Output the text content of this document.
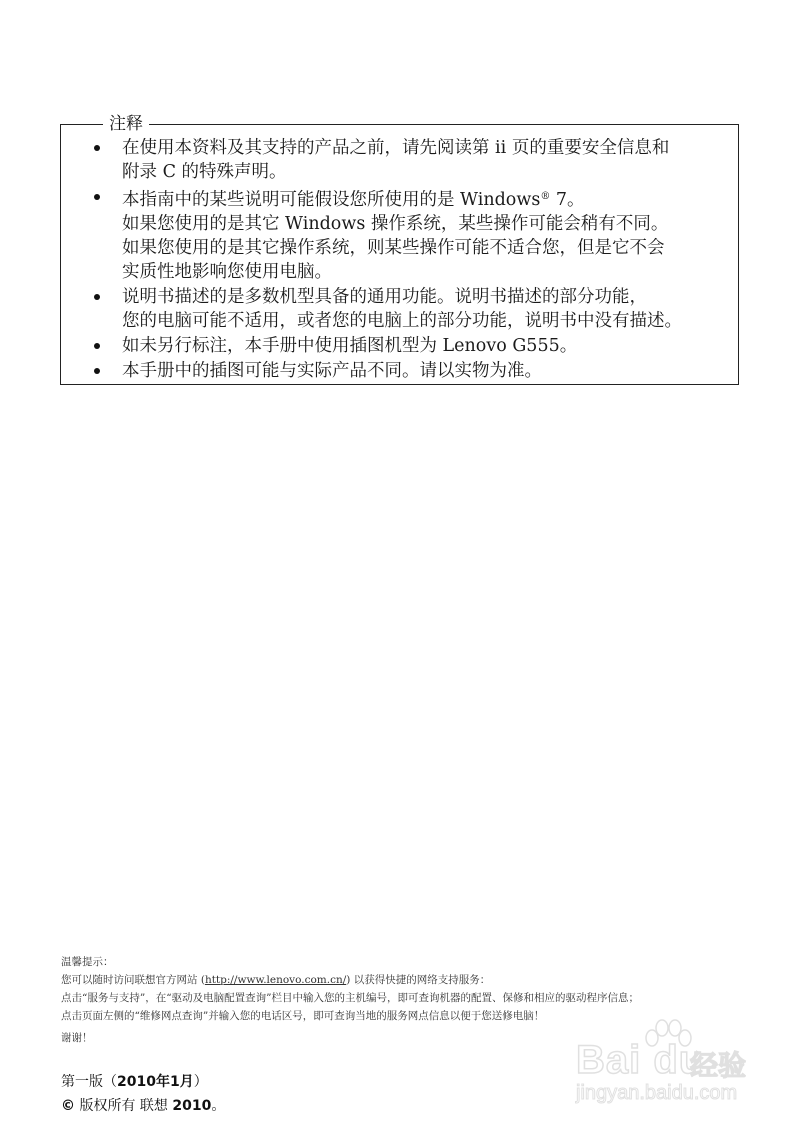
注释
在使用本资料及其支持的产品之前，请先阅读第 ii 页的重要安全信息和
附录 C 的特殊声明。
本指南中的某些说明可能假设您所使用的是 Windows® 7。
如果您使用的是其它 Windows 操作系统，某些操作可能会稍有不同。
如果您使用的是其它操作系统，则某些操作可能不适合您，但是它不会
实质性地影响您使用电脑。
说明书描述的是多数机型具备的通用功能。说明书描述的部分功能，
您的电脑可能不适用，或者您的电脑上的部分功能，说明书中没有描述。
如未另行标注，本手册中使用插图机型为 Lenovo G555。
本手册中的插图可能与实际产品不同。请以实物为准。
温馨提示：
您可以随时访问联想官方网站 (http://www.lenovo.com.cn/) 以获得快捷的网络支持服务：
点击“服务与支持”，在“驱动及电脑配置查询”栏目中输入您的主机编号，即可查询机器的配置、保修和相应的驱动程序信息；
点击页面左侧的“维修网点查询”并输入您的电话区号，即可查询当地的服务网点信息以便于您送修电脑！
谢谢！
第一版（2010年1月）
© 版权所有 联想 2010。
Bai du
经验
jingyan.baidu.com
